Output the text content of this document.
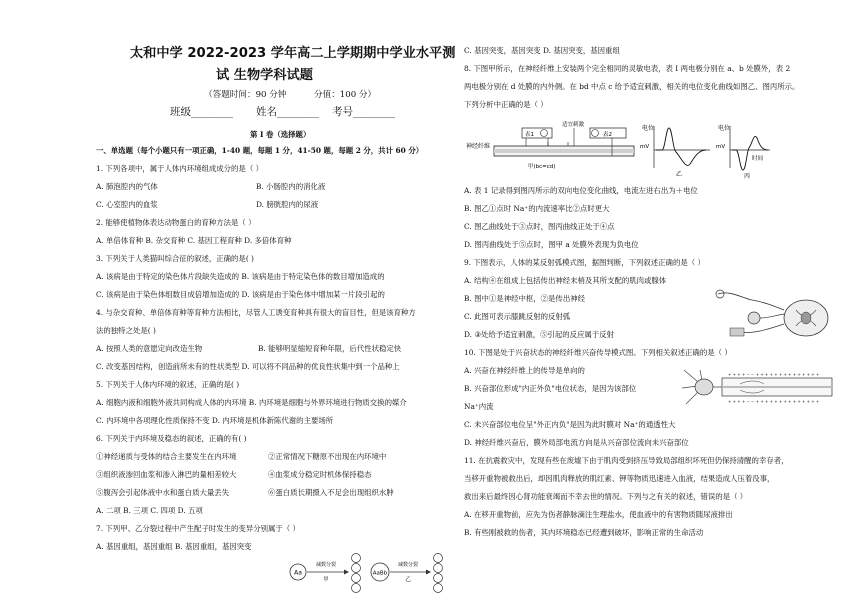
太和中学 2022-2023 学年高二上学期期中学业水平测
试 生物学科试题
（答题时间：90 分钟	分值：100 分）
班级________ 姓名________ 考号________
第 I 卷（选择题）
一、单选题（每个小题只有一项正确，1-40 题，每题 1 分，41-50 题，每题 2 分，共计 60 分）
1. 下列各项中，属于人体内环境组成成分的是（ ）
A. 肺泡腔内的气体	B. 小肠腔内的消化液
C. 心室腔内的血浆	D. 膀胱腔内的尿液
2. 能够使植物体表达动物蛋白的育种方法是（ ）
A. 单倍体育种 B. 杂交育种 C. 基因工程育种 D. 多倍体育种
3. 下列关于人类猫叫综合征的叙述，正确的是( )
A. 该病是由于特定的染色体片段缺失造成的 B. 该病是由于特定染色体的数目增加造成的
C. 该病是由于染色体组数目成倍增加造成的 D. 该病是由于染色体中增加某一片段引起的
4. 与杂交育种、单倍体育种等育种方法相比，尽管人工诱变育种具有很大的盲目性，但是该育种方
法的独特之处是( )
A. 按照人类的意愿定向改造生物	B. 能够明显缩短育种年限，后代性状稳定快
C. 改变基因结构，创造前所未有的性状类型 D. 可以将不同品种的优良性状集中到一个品种上
5. 下列关于人体内环境的叙述，正确的是( )
A. 细胞内液和细胞外液共同构成人体的内环境 B. 内环境是细胞与外界环境进行物质交换的媒介
C. 内环境中各项理化性质保持不变 D. 内环境是机体新陈代谢的主要场所
6. 下列关于内环境及稳态的叙述，正确的有( )
①神经递质与受体的结合主要发生在内环境	②正常情况下糖原不出现在内环境中
③组织液渗回血浆和渗入淋巴的量相差较大	④血浆成分稳定时机体保持稳态
⑤腹泻会引起体液中水和蛋白质大量丢失	⑥蛋白质长期摄入不足会出现组织水肿
A. 二项 B. 三项 C. 四项 D. 五项
7. 下列甲、乙分裂过程中产生配子时发生的变异分别属于（ ）
A. 基因重组，基因重组 B. 基因重组，基因突变
Aa
减数分裂
甲
AaBb
减数分裂
乙
C. 基因突变，基因突变 D. 基因突变，基因重组
8. 下图甲所示，在神经纤维上安装两个完全相同的灵敏电表，表 I 两电极分别在 a、b 处膜外，表 2
两电极分别在 d 处膜的内外侧。在 bd 中点 c 给予适宜刺激，相关的电位变化曲线如图乙、图丙所示。
下列分析中正确的是（ ）
神经纤维
表1
适宜刺激
表2
甲(bc=cd)
电位
mV
乙
电位
mV
时间
丙
A. 表 1 记录得到图丙所示的双向电位变化曲线，电流左进右出为＋电位
B. 图乙①点时 Na⁺的内流速率比②点时更大
C. 图乙曲线处于③点时，图丙曲线正处于④点
D. 图丙曲线处于⑤点时，图甲 a 处膜外表现为负电位
9. 下图表示，人体的某反射弧模式图，据图判断，下列叙述正确的是（ ）
A. 结构④在组成上包括传出神经末梢及其所支配的肌肉或腺体
B. 图中①是神经中枢，②是传出神经
C. 此图可表示膝跳反射的反射弧
D. ③处给予适宜刺激，⑤引起的反应属于反射
10. 下图是处于兴奋状态的神经纤维兴奋传导模式图。下列相关叙述正确的是（ ）
A. 兴奋在神经纤维上的传导是单向的
B. 兴奋部位形成"内正外负"电位状态，是因为该部位
Na⁺内流
+ + + + − − + + + + + + + + + + + + + +
+ + + + − − + + + + + + + + + + + + + +
C. 未兴奋部位电位呈"外正内负"是因为此时膜对 Na⁺的通透性大
D. 神经纤维兴奋后，膜外局部电流方向是从兴奋部位流向未兴奋部位
11. 在抗震救灾中，发现有些在废墟下由于肌肉受到挤压导致局部组织坏死但仍保持清醒的幸存者，
当移开重物被救出后，却因肌肉释放的肌红素、钾等物质迅速进入血液，结果造成人压着没事，
救出来后最终因心肾功能衰竭而不幸去世的情况。下列与之有关的叙述，错误的是（ ）
A. 在移开重物前，应先为伤者静脉滴注生理盐水，使血液中的有害物质随尿液排出
B. 有些刚被救的伤者，其内环境稳态已经遭到破坏，影响正常的生命活动
